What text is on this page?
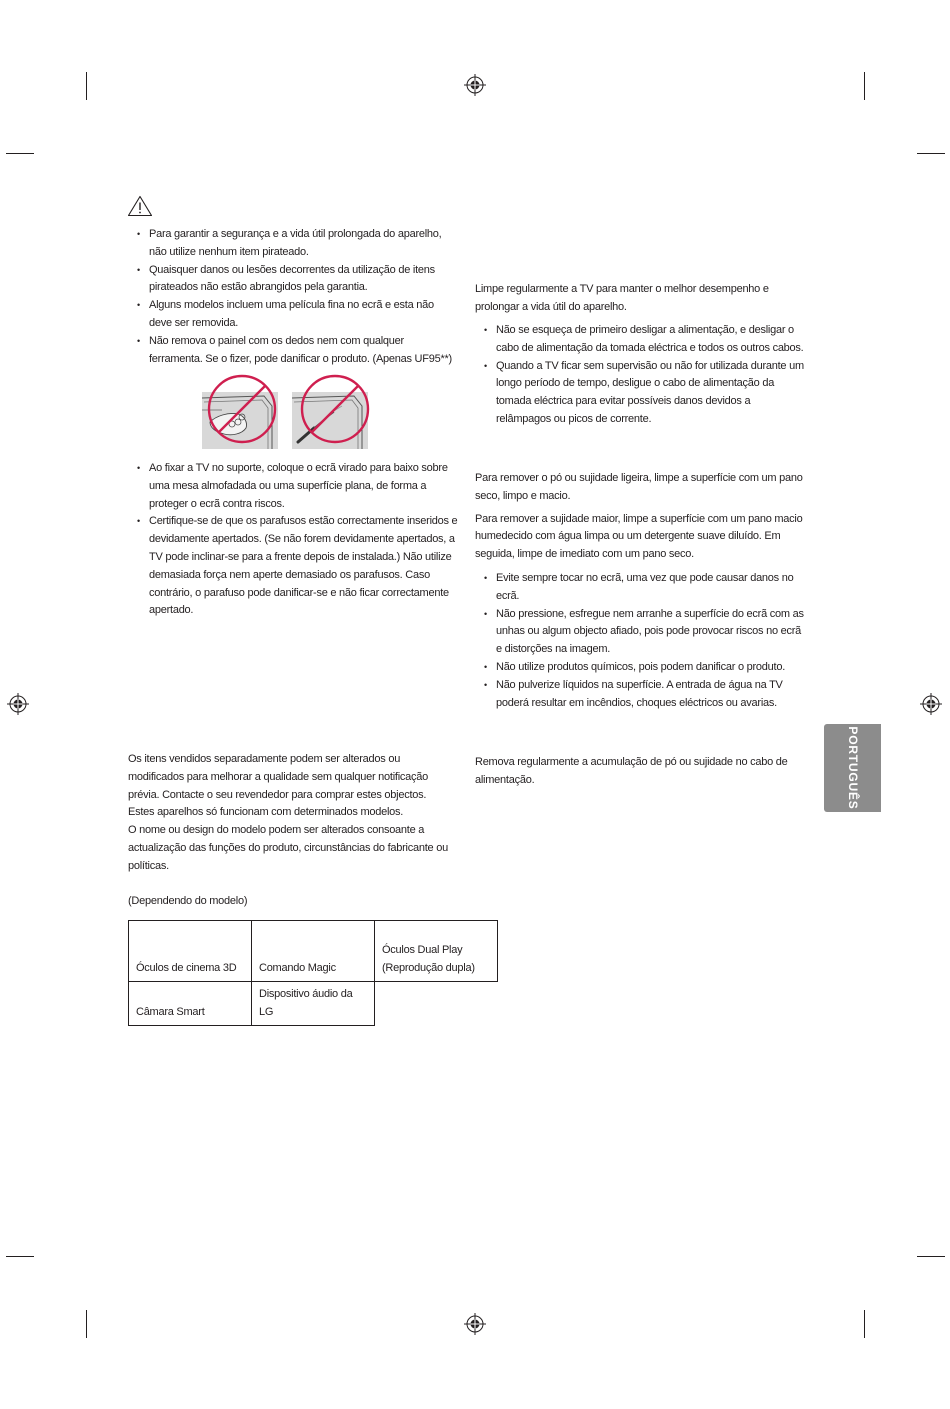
• Para garantir a segurança e a vida útil prolongada do aparelho, não utilize nenhum item pirateado.
• Quaisquer danos ou lesões decorrentes da utilização de itens pirateados não estão abrangidos pela garantia.
• Alguns modelos incluem uma película fina no ecrã e esta não deve ser removida.
• Não remova o painel com os dedos nem com qualquer ferramenta. Se o fizer, pode danificar o produto. (Apenas UF95**)
• Ao fixar a TV no suporte, coloque o ecrã virado para baixo sobre uma mesa almofadada ou uma superfície plana, de forma a proteger o ecrã contra riscos.
• Certifique-se de que os parafusos estão correctamente inseridos e devidamente apertados. (Se não forem devidamente apertados, a TV pode inclinar-se para a frente depois de instalada.) Não utilize demasiada força nem aperte demasiado os parafusos. Caso contrário, o parafuso pode danificar-se e não ficar correctamente apertado.

Os itens vendidos separadamente podem ser alterados ou modificados para melhorar a qualidade sem qualquer notificação prévia. Contacte o seu revendedor para comprar estes objectos.

Estes aparelhos só funcionam com determinados modelos.

O nome ou design do modelo podem ser alterados consoante a actualização das funções do produto, circunstâncias do fabricante ou políticas.

(Dependendo do modelo)
Óculos de cinema 3D	Comando Magic	Óculos Dual Play (Reprodução dupla)
Câmara Smart	Dispositivo áudio da LG	
Limpe regularmente a TV para manter o melhor desempenho e prolongar a vida útil do aparelho.
• Não se esqueça de primeiro desligar a alimentação, e desligar o cabo de alimentação da tomada eléctrica e todos os outros cabos.
• Quando a TV ficar sem supervisão ou não for utilizada durante um longo período de tempo, desligue o cabo de alimentação da tomada eléctrica para evitar possíveis danos devidos a relâmpagos ou picos de corrente.

Para remover o pó ou sujidade ligeira, limpe a superfície com um pano seco, limpo e macio.

Para remover a sujidade maior, limpe a superfície com um pano macio humedecido com água limpa ou um detergente suave diluído. Em seguida, limpe de imediato com um pano seco.

• Evite sempre tocar no ecrã, uma vez que pode causar danos no ecrã.
• Não pressione, esfregue nem arranhe a superfície do ecrã com as unhas ou algum objecto afiado, pois pode provocar riscos no ecrã e distorções na imagem.
• Não utilize produtos químicos, pois podem danificar o produto.
• Não pulverize líquidos na superfície. A entrada de água na TV poderá resultar em incêndios, choques eléctricos ou avarias.
Remova regularmente a acumulação de pó ou sujidade no cabo de alimentação.	PORTUGUÊS
